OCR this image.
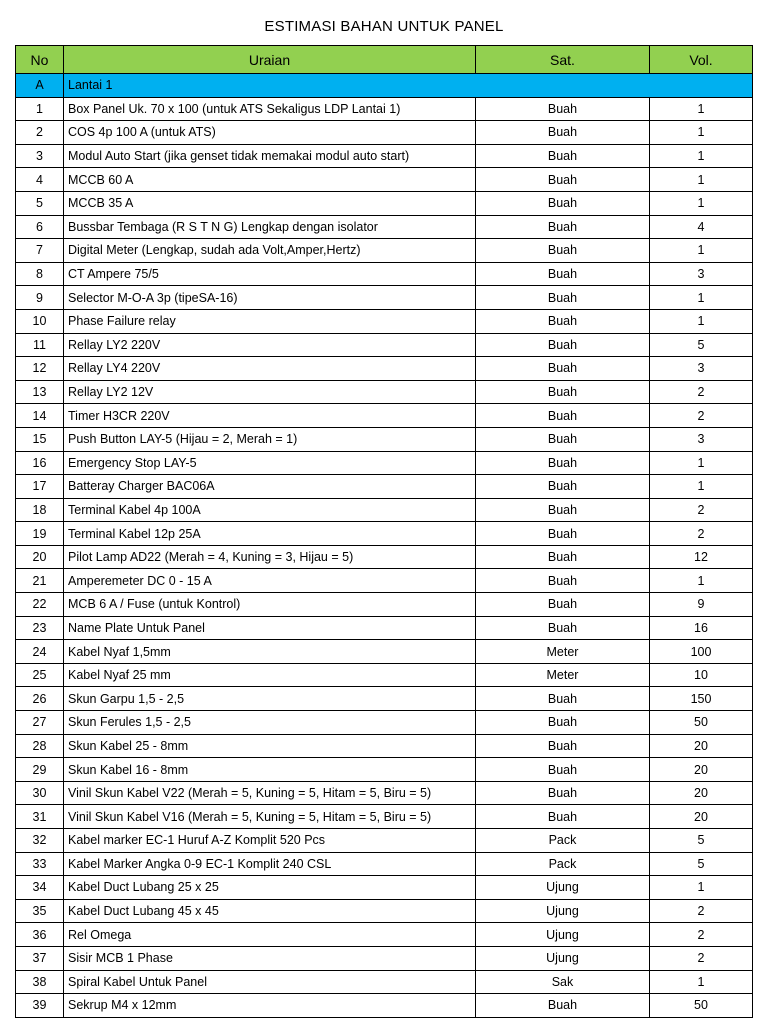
ESTIMASI BAHAN UNTUK PANEL
No	Uraian	Sat.	Vol.
A	Lantai 1		
1	Box Panel Uk. 70 x 100 (untuk ATS Sekaligus LDP Lantai 1)	Buah	1
2	COS 4p 100 A (untuk ATS)	Buah	1
3	Modul Auto Start (jika genset tidak memakai modul auto start)	Buah	1
4	MCCB 60 A	Buah	1
5	MCCB 35 A	Buah	1
6	Bussbar Tembaga (R S T N G) Lengkap dengan isolator	Buah	4
7	Digital Meter (Lengkap, sudah ada Volt,Amper,Hertz)	Buah	1
8	CT Ampere 75/5	Buah	3
9	Selector M-O-A 3p (tipeSA-16)	Buah	1
10	Phase Failure relay	Buah	1
11	Rellay LY2 220V	Buah	5
12	Rellay LY4 220V	Buah	3
13	Rellay LY2 12V	Buah	2
14	Timer H3CR 220V	Buah	2
15	Push Button LAY-5 (Hijau = 2, Merah = 1)	Buah	3
16	Emergency Stop LAY-5	Buah	1
17	Batteray Charger BAC06A	Buah	1
18	Terminal Kabel 4p 100A	Buah	2
19	Terminal Kabel 12p 25A	Buah	2
20	Pilot Lamp AD22 (Merah = 4, Kuning = 3, Hijau = 5)	Buah	12
21	Amperemeter DC 0 - 15 A	Buah	1
22	MCB 6 A / Fuse (untuk Kontrol)	Buah	9
23	Name Plate Untuk Panel	Buah	16
24	Kabel Nyaf 1,5mm	Meter	100
25	Kabel Nyaf 25 mm	Meter	10
26	Skun Garpu 1,5 - 2,5	Buah	150
27	Skun Ferules 1,5 - 2,5	Buah	50
28	Skun Kabel 25 - 8mm	Buah	20
29	Skun Kabel 16 - 8mm	Buah	20
30	Vinil Skun Kabel V22 (Merah = 5, Kuning = 5, Hitam = 5, Biru = 5)	Buah	20
31	Vinil Skun Kabel V16 (Merah = 5, Kuning = 5, Hitam = 5, Biru = 5)	Buah	20
32	Kabel marker EC-1 Huruf A-Z Komplit 520 Pcs	Pack	5
33	Kabel Marker Angka 0-9 EC-1 Komplit 240 CSL	Pack	5
34	Kabel Duct Lubang 25 x 25	Ujung	1
35	Kabel Duct Lubang 45 x 45	Ujung	2
36	Rel Omega	Ujung	2
37	Sisir MCB 1 Phase	Ujung	2
38	Spiral Kabel Untuk Panel	Sak	1
39	Sekrup M4 x 12mm	Buah	50
